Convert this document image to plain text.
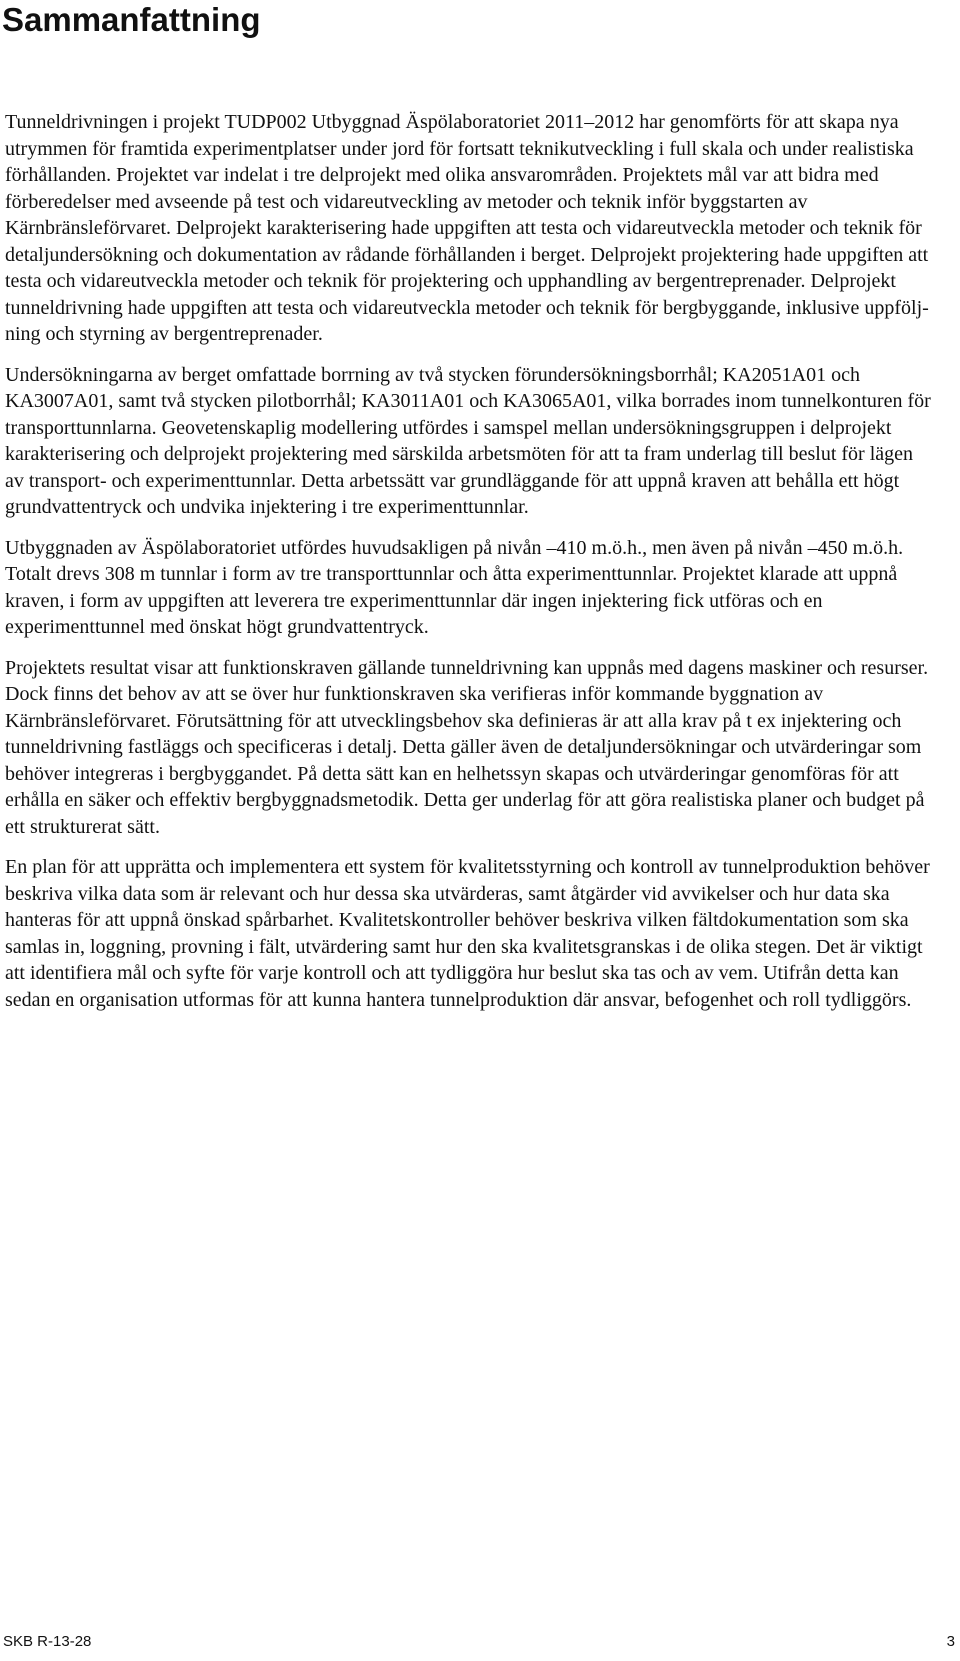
Sammanfattning

Tunneldrivningen i projekt TUDP002 Utbyggnad Äspölaboratoriet 2011–2012 har genomförts för att skapa nya utrymmen för framtida experimentplatser under jord för fortsatt teknikutveckling i full skala och under realistiska förhållanden. Projektet var indelat i tre delprojekt med olika ansvarområden. Projektets mål var att bidra med förberedelser med avseende på test och vidareutveckling av metoder och teknik inför byggstarten av Kärnbränsleförvaret. Delprojekt karakterisering hade uppgiften att testa och vidareutveckla metoder och teknik för detaljundersökning och dokumentation av rådande förhållanden i berget. Delprojekt projektering hade uppgiften att testa och vidareutveckla metoder och teknik för projektering och upphandling av bergentreprenader. Delprojekt tunneldrivning hade uppgiften att testa och vidareutveckla metoder och teknik för bergbyggande, inklusive uppföljning och styrning av bergentreprenader.

Undersökningarna av berget omfattade borrning av två stycken förundersökningsborrhål; KA2051A01 och KA3007A01, samt två stycken pilotborrhål; KA3011A01 och KA3065A01, vilka borrades inom tunnelkonturen för transporttunnlarna. Geovetenskaplig modellering utfördes i samspel mellan undersökningsgruppen i delprojekt karakterisering och delprojekt projektering med särskilda arbetsmöten för att ta fram underlag till beslut för lägen av transport- och experimenttunnlar. Detta arbetssätt var grundläggande för att uppnå kraven att behålla ett högt grundvattentryck och undvika injektering i tre experimenttunnlar.

Utbyggnaden av Äspölaboratoriet utfördes huvudsakligen på nivån –410 m.ö.h., men även på nivån –450 m.ö.h. Totalt drevs 308 m tunnlar i form av tre transporttunnlar och åtta experimenttunnlar. Projektet klarade att uppnå kraven, i form av uppgiften att leverera tre experimenttunnlar där ingen injektering fick utföras och en experimenttunnel med önskat högt grundvattentryck.

Projektets resultat visar att funktionskraven gällande tunneldrivning kan uppnås med dagens maskiner och resurser. Dock finns det behov av att se över hur funktionskraven ska verifieras inför kommande byggnation av Kärnbränsleförvaret. Förutsättning för att utvecklingsbehov ska definieras är att alla krav på t ex injektering och tunneldrivning fastläggs och specificeras i detalj. Detta gäller även de detaljundersökningar och utvärderingar som behöver integreras i bergbyggandet. På detta sätt kan en helhetssyn skapas och utvärderingar genomföras för att erhålla en säker och effektiv bergbyggnadsmetodik. Detta ger underlag för att göra realistiska planer och budget på ett strukturerat sätt.

En plan för att upprätta och implementera ett system för kvalitetsstyrning och kontroll av tunnelproduktion behöver beskriva vilka data som är relevant och hur dessa ska utvärderas, samt åtgärder vid avvikelser och hur data ska hanteras för att uppnå önskad spårbarhet. Kvalitetskontroller behöver beskriva vilken fältdokumentation som ska samlas in, loggning, provning i fält, utvärdering samt hur den ska kvalitetsgranskas i de olika stegen. Det är viktigt att identifiera mål och syfte för varje kontroll och att tydliggöra hur beslut ska tas och av vem. Utifrån detta kan sedan en organisation utformas för att kunna hantera tunnelproduktion där ansvar, befogenhet och roll tydliggörs.

SKB R-13-28	3
